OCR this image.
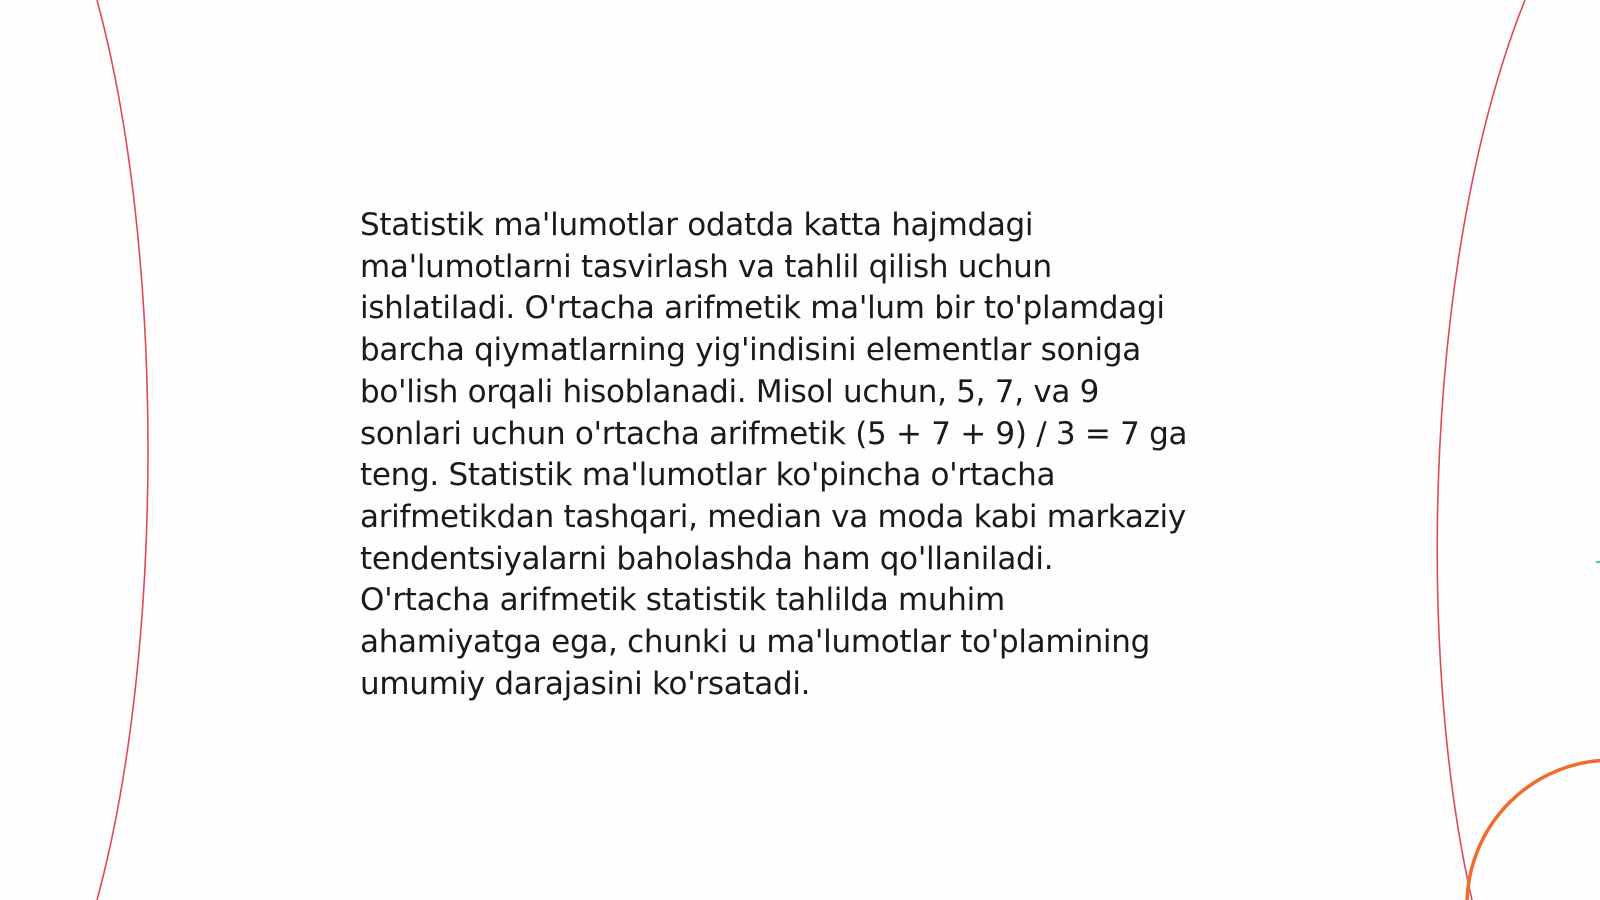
Statistik ma'lumotlar odatda katta hajmdagi
ma'lumotlarni tasvirlash va tahlil qilish uchun
ishlatiladi. O'rtacha arifmetik ma'lum bir to'plamdagi
barcha qiymatlarning yig'indisini elementlar soniga
bo'lish orqali hisoblanadi. Misol uchun, 5, 7, va 9
sonlari uchun o'rtacha arifmetik (5 + 7 + 9) / 3 = 7 ga
teng. Statistik ma'lumotlar ko'pincha o'rtacha
arifmetikdan tashqari, median va moda kabi markaziy
tendentsiyalarni baholashda ham qo'llaniladi.
O'rtacha arifmetik statistik tahlilda muhim
ahamiyatga ega, chunki u ma'lumotlar to'plamining
umumiy darajasini ko'rsatadi.
